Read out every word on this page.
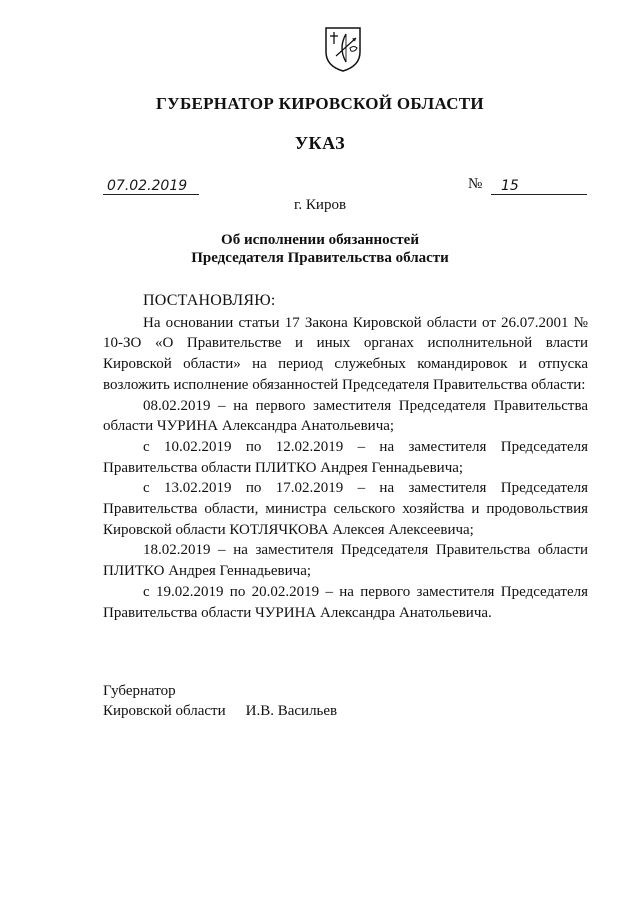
ГУБЕРНАТОР КИРОВСКОЙ ОБЛАСТИ
УКАЗ
07.02.2019	№	15
г. Киров
Об исполнении обязанностей
Председателя Правительства области

ПОСТАНОВЛЯЮ:

На основании статьи 17 Закона Кировской области от 26.07.2001 № 10-ЗО «О Правительстве и иных органах исполнительной власти Кировской области» на период служебных командировок и отпуска возложить исполнение обязанностей Председателя Правительства области:

08.02.2019 – на первого заместителя Председателя Правительства области ЧУРИНА Александра Анатольевича;

с 10.02.2019 по 12.02.2019 – на заместителя Председателя Правительства области ПЛИТКО Андрея Геннадьевича;

с 13.02.2019 по 17.02.2019 – на заместителя Председателя Правительства области, министра сельского хозяйства и продовольствия Кировской области КОТЛЯЧКОВА Алексея Алексеевича;

18.02.2019 – на заместителя Председателя Правительства области ПЛИТКО Андрея Геннадьевича;

с 19.02.2019 по 20.02.2019 – на первого заместителя Председателя Правительства области ЧУРИНА Александра Анатольевича.

Губернатор
Кировской области И.В. Васильев
